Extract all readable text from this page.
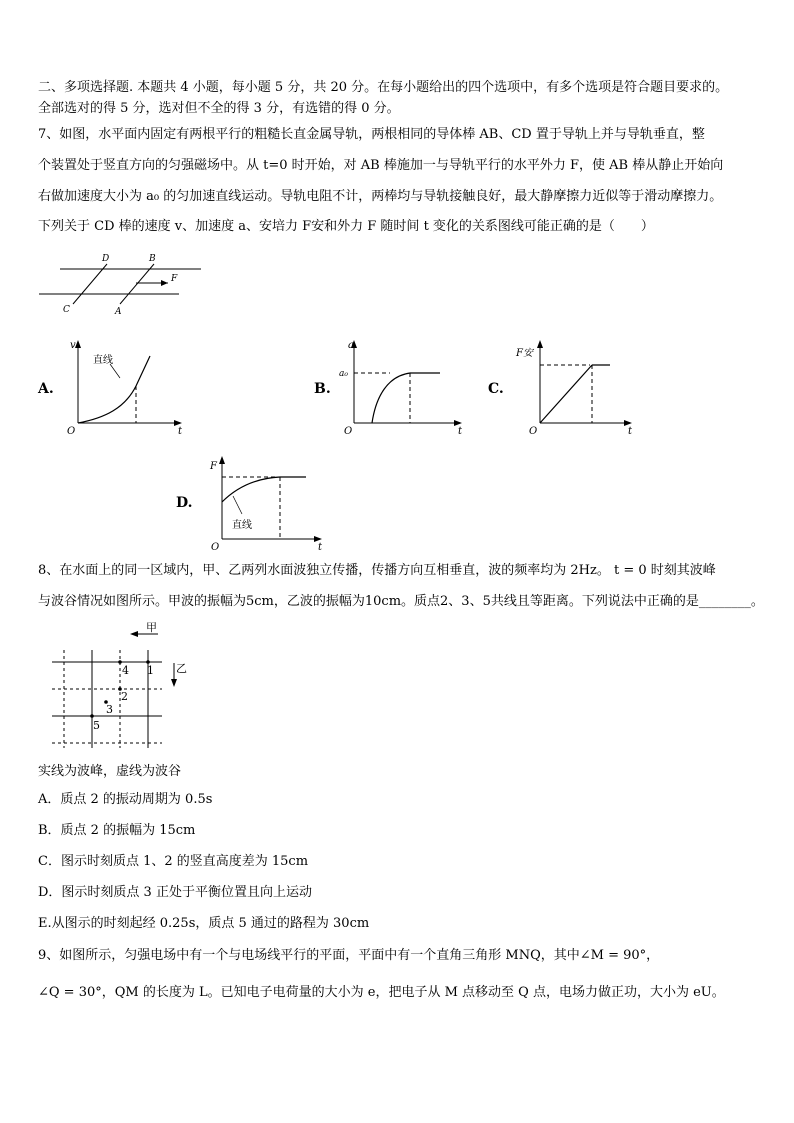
二、多项选择题. 本题共 4 小题，每小题 5 分，共 20 分。在每小题给出的四个选项中，有多个选项是符合题目要求的。
全部选对的得 5 分，选对但不全的得 3 分，有选错的得 0 分。
7、如图，水平面内固定有两根平行的粗糙长直金属导轨，两根相同的导体棒 AB、CD 置于导轨上并与导轨垂直，整
个装置处于竖直方向的匀强磁场中。从 t=0 时开始，对 AB 棒施加一与导轨平行的水平外力 F，使 AB 棒从静止开始向
右做加速度大小为 a₀ 的匀加速直线运动。导轨电阻不计，两棒均与导轨接触良好，最大静摩擦力近似等于滑动摩擦力。
下列关于 CD 棒的速度 v、加速度 a、安培力 F安和外力 F 随时间 t 变化的关系图线可能正确的是（　　）
D	B
C	A
F
A.
v
t
O
直线
B.
a
a₀
t
O
C.
F安
t
O
D.
F
t
O
直线
8、在水面上的同一区域内，甲、乙两列水面波独立传播，传播方向互相垂直，波的频率均为 2Hz。 t = 0 时刻其波峰
与波谷情况如图所示。甲波的振幅为5cm，乙波的振幅为10cm。质点2、3、5共线且等距离。下列说法中正确的是________。
甲
乙
1
2
3
4
5
实线为波峰，虚线为波谷
A．质点 2 的振动周期为 0.5s
B．质点 2 的振幅为 15cm
C．图示时刻质点 1、2 的竖直高度差为 15cm
D．图示时刻质点 3 正处于平衡位置且向上运动
E.从图示的时刻起经 0.25s，质点 5 通过的路程为 30cm
9、如图所示，匀强电场中有一个与电场线平行的平面，平面中有一个直角三角形 MNQ，其中∠M = 90°，
∠Q = 30°，QM 的长度为 L。已知电子电荷量的大小为 e，把电子从 M 点移动至 Q 点，电场力做正功，大小为 eU。
